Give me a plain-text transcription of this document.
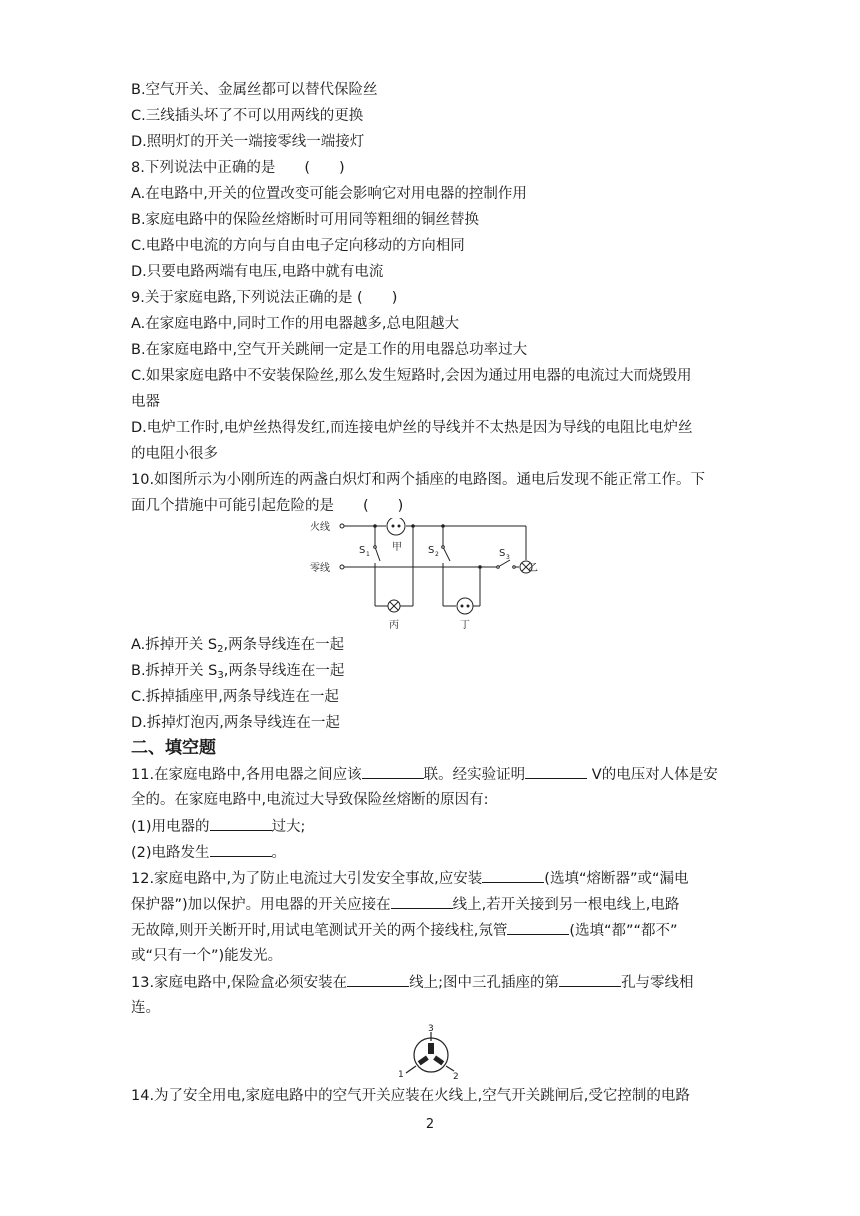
B.空气开关、金属丝都可以替代保险丝
C.三线插头坏了不可以用两线的更换
D.照明灯的开关一端接零线一端接灯
8.下列说法中正确的是　　(　　)
A.在电路中,开关的位置改变可能会影响它对用电器的控制作用
B.家庭电路中的保险丝熔断时可用同等粗细的铜丝替换
C.电路中电流的方向与自由电子定向移动的方向相同
D.只要电路两端有电压,电路中就有电流
9.关于家庭电路,下列说法正确的是 (　　)
A.在家庭电路中,同时工作的用电器越多,总电阻越大
B.在家庭电路中,空气开关跳闸一定是工作的用电器总功率过大
C.如果家庭电路中不安装保险丝,那么发生短路时,会因为通过用电器的电流过大而烧毁用
电器
D.电炉工作时,电炉丝热得发红,而连接电炉丝的导线并不太热是因为导线的电阻比电炉丝
的电阻小很多
10.如图所示为小刚所连的两盏白炽灯和两个插座的电路图。通电后发现不能正常工作。下
面几个措施中可能引起危险的是　　(　　)
火线
零线
S 1
甲	S 2	S 3
乙
丙	丁
A.拆掉开关 $S_2$,两条导线连在一起
B.拆掉开关 $S_3$,两条导线连在一起
C.拆掉插座甲,两条导线连在一起
D.拆掉灯泡丙,两条导线连在一起
二、填空题
11.在家庭电路中,各用电器之间应该	联。经实验证明	V的电压对人体是安
全的。在家庭电路中,电流过大导致保险丝熔断的原因有:
(1)用电器的	过大;
(2)电路发生	。
12.家庭电路中,为了防止电流过大引发安全事故,应安装	(选填“熔断器”或“漏电
保护器”)加以保护。用电器的开关应接在	线上,若开关接到另一根电线上,电路
无故障,则开关断开时,用试电笔测试开关的两个接线柱,氖管	(选填“都”“都不”
或“只有一个”)能发光。
13.家庭电路中,保险盒必须安装在	线上;图中三孔插座的第	孔与零线相
连。
3
1	2
14.为了安全用电,家庭电路中的空气开关应装在火线上,空气开关跳闸后,受它控制的电路
2
